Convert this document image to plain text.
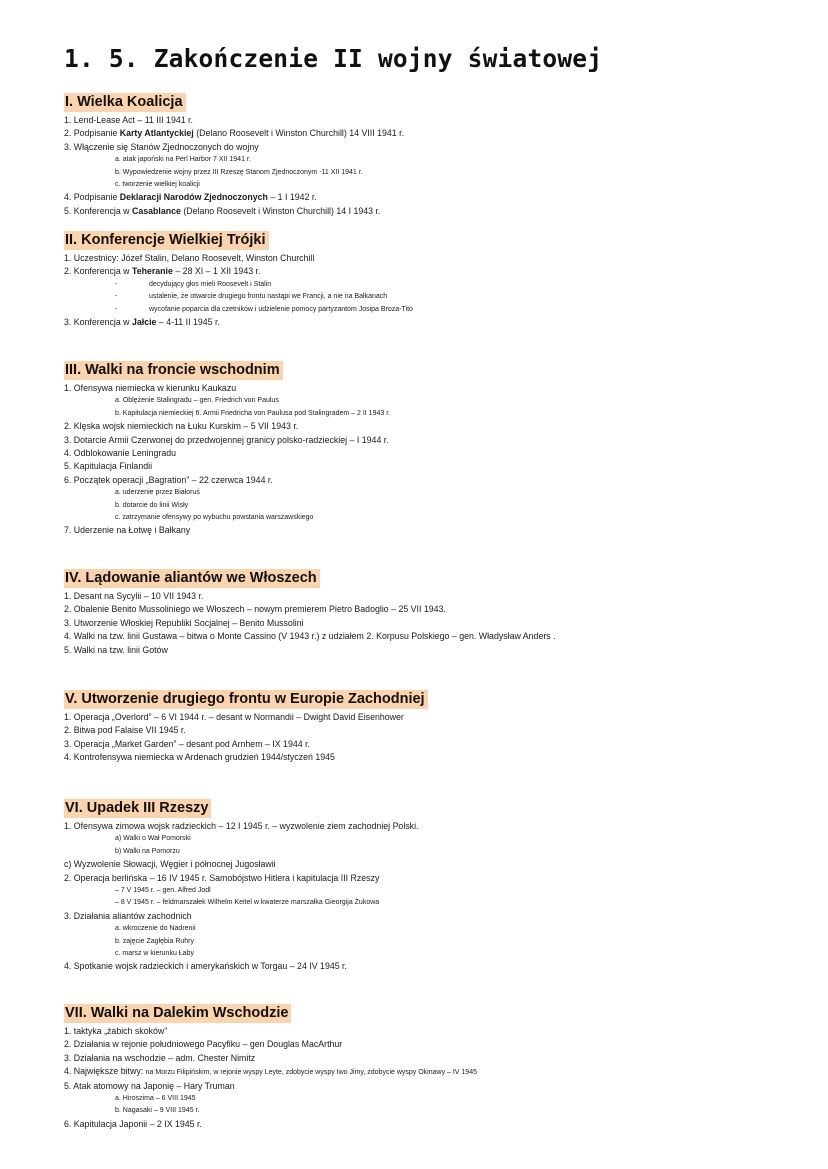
1. 5. Zakończenie II wojny światowej
I. Wielka Koalicja
1. Lend-Lease Act – 11 III 1941 r.
2. Podpisanie Karty Atlantyckiej (Delano Roosevelt i Winston Churchill) 14 VIII 1941 r.
3. Włączenie się Stanów Zjednoczonych do wojny
a. atak japoński na Perl Harbor 7 XII 1941 r.
b. Wypowiedzenie wojny przez III Rzeszę Stanom Zjednoczonym -11 XII 1941 r.
c. tworzenie wielkiej koalicji
4. Podpisanie Deklaracji Narodów Zjednoczonych – 1 I 1942 r.
5. Konferencja w Casablance (Delano Roosevelt i Winston Churchill) 14 I 1943 r.
II. Konferencje Wielkiej Trójki
1. Uczestnicy: Józef Stalin, Delano Roosevelt, Winston Churchill
2. Konferencja w Teheranie – 28 XI – 1 XII 1943 r.
-	decydujący głos mieli Roosevelt i Stalin
-	ustalenie, że otwarcie drugiego frontu nastąpi we Francji, a nie na Bałkanach
-	wycofanie poparcia dla czetników i udzielenie pomocy partyzantom Josipa Broza-Tito
3. Konferencja w Jałcie – 4-11 II 1945 r.
III. Walki na froncie wschodnim
1. Ofensywa niemiecka w kierunku Kaukazu
a. Oblężenie Stalingradu – gen. Friedrich von Paulus
b. Kapitulacja niemieckiej 6. Armii Friedricha von Paulusa pod Stalingradem – 2 II 1943 r.
2. Klęska wojsk niemieckich na Łuku Kurskim – 5 VII 1943 r.
3. Dotarcie Armii Czerwonej do przedwojennej granicy polsko-radzieckiej – I 1944 r.
4. Odblokowanie Leningradu
5. Kapitulacja Finlandii
6. Początek operacji „Bagration” – 22 czerwca 1944 r.
a. uderzenie przez Białoruś
b. dotarcie do linii Wisły
c. zatrzymanie ofensywy po wybuchu powstania warszawskiego
7. Uderzenie na Łotwę i Bałkany
IV. Lądowanie aliantów we Włoszech
1. Desant na Sycylii – 10 VII 1943 r.
2. Obalenie Benito Mussoliniego we Włoszech – nowym premierem Pietro Badoglio – 25 VII 1943.
3. Utworzenie Włoskiej Republiki Socjalnej – Benito Mussolini
4. Walki na tzw. linii Gustawa – bitwa o Monte Cassino (V 1943 r.) z udziałem 2. Korpusu Polskiego – gen. Władysław Anders .
5. Walki na tzw. linii Gotów
V. Utworzenie drugiego frontu w Europie Zachodniej
1. Operacja „Overlord” – 6 VI 1944 r. – desant w Normandii – Dwight David Eisenhower
2. Bitwa pod Falaise VII 1945 r.
3. Operacja „Market Garden” – desant pod Arnhem – IX 1944 r.
4. Kontrofensywa niemiecka w Ardenach grudzień 1944/styczeń 1945
VI. Upadek III Rzeszy
1. Ofensywa zimowa wojsk radzieckich – 12 I 1945 r. – wyzwolenie ziem zachodniej Polski.
a) Walki o Wał Pomorski
b) Walki na Pomorzu
c) Wyzwolenie Słowacji, Węgier i północnej Jugosławii
2. Operacja berlińska – 16 IV 1945 r. Samobójstwo Hitlera i kapitulacja III Rzeszy
– 7 V 1945 r. – gen. Alfred Jodl
– 8 V 1945 r. – feldmarszałek Wilhelm Keitel w kwaterze marszałka Gieorgija Żukowa
3. Działania aliantów zachodnich
a. wkroczenie do Nadrenii
b. zajęcie Zagłębia Ruhry
c. marsz w kierunku Łaby
4. Spotkanie wojsk radzieckich i amerykańskich w Torgau – 24 IV 1945 r.
VII. Walki na Dalekim Wschodzie
1. taktyka „żabich skoków”
2. Działania w rejonie południowego Pacyfiku – gen Douglas MacArthur
3. Działania na wschodzie – adm. Chester Nimitz
4. Największe bitwy: na Morzu Filipińskim, w rejonie wyspy Leyte, zdobycie wyspy Iwo Jimy, zdobycie wyspy Okinawy – IV 1945
5. Atak atomowy na Japonię – Hary Truman
a. Hiroszima – 6 VIII 1945
b. Nagasaki – 9 VIII 1945 r.
6. Kapitulacja Japonii – 2 IX 1945 r.
